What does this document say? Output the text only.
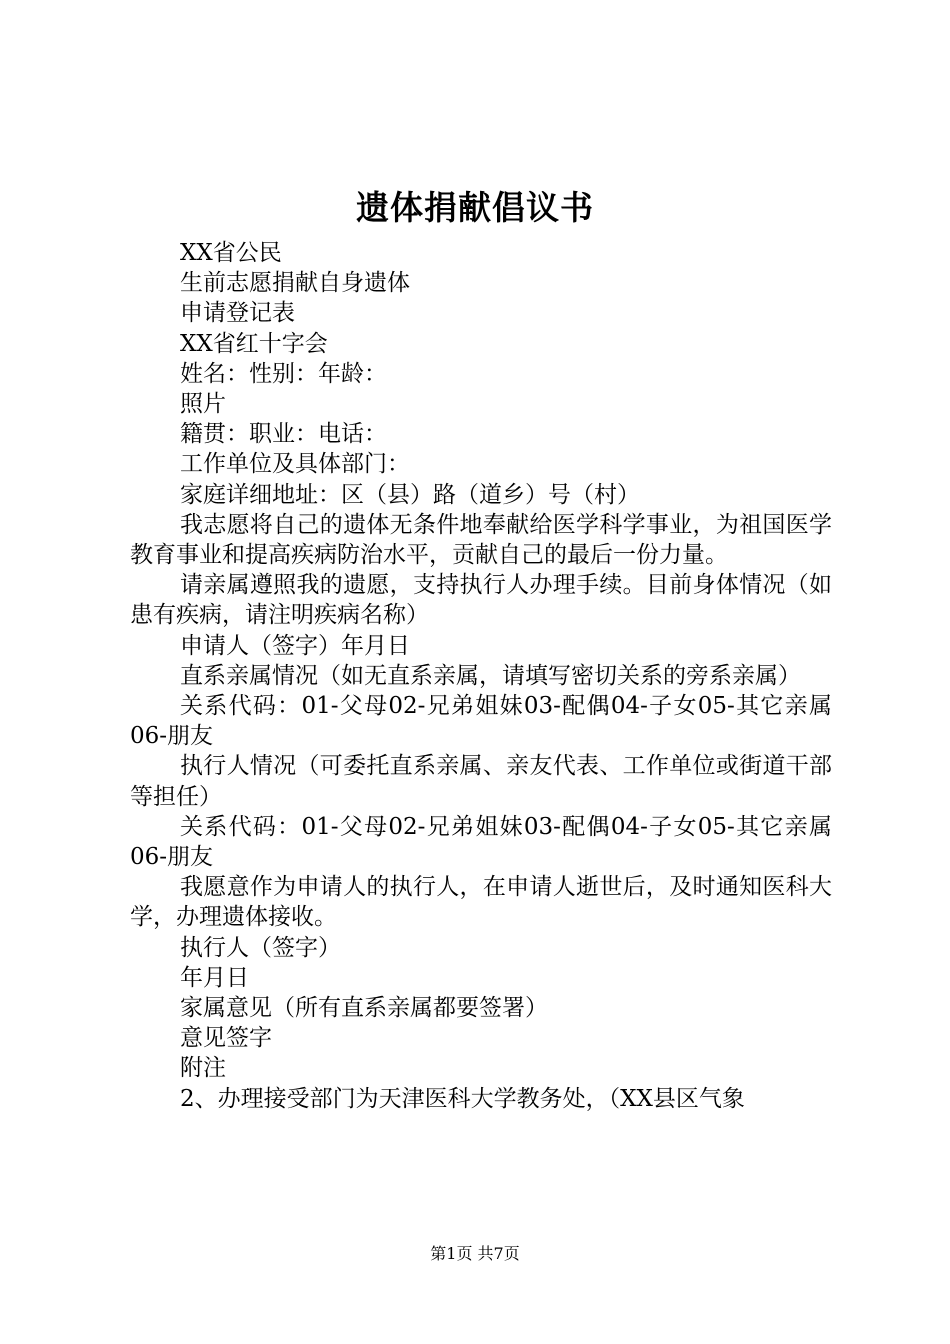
遗体捐献倡议书

XX省公民

生前志愿捐献自身遗体

申请登记表

XX省红十字会

姓名：性别：年龄：

照片

籍贯：职业：电话：

工作单位及具体部门：

家庭详细地址：区（县）路（道乡）号（村）

我志愿将自己的遗体无条件地奉献给医学科学事业，为祖国医学教育事业和提高疾病防治水平，贡献自己的最后一份力量。

请亲属遵照我的遗愿，支持执行人办理手续。目前身体情况（如患有疾病，请注明疾病名称）

申请人（签字）年月日

直系亲属情况（如无直系亲属，请填写密切关系的旁系亲属）

关系代码：01-父母02-兄弟姐妹03-配偶04-子女05-其它亲属06-朋友

执行人情况（可委托直系亲属、亲友代表、工作单位或街道干部等担任）

关系代码：01-父母02-兄弟姐妹03-配偶04-子女05-其它亲属06-朋友

我愿意作为申请人的执行人，在申请人逝世后，及时通知医科大学，办理遗体接收。

执行人（签字）

年月日

家属意见（所有直系亲属都要签署）

意见签字

附注

2、办理接受部门为天津医科大学教务处，（XX县区气象

第1页 共7页
